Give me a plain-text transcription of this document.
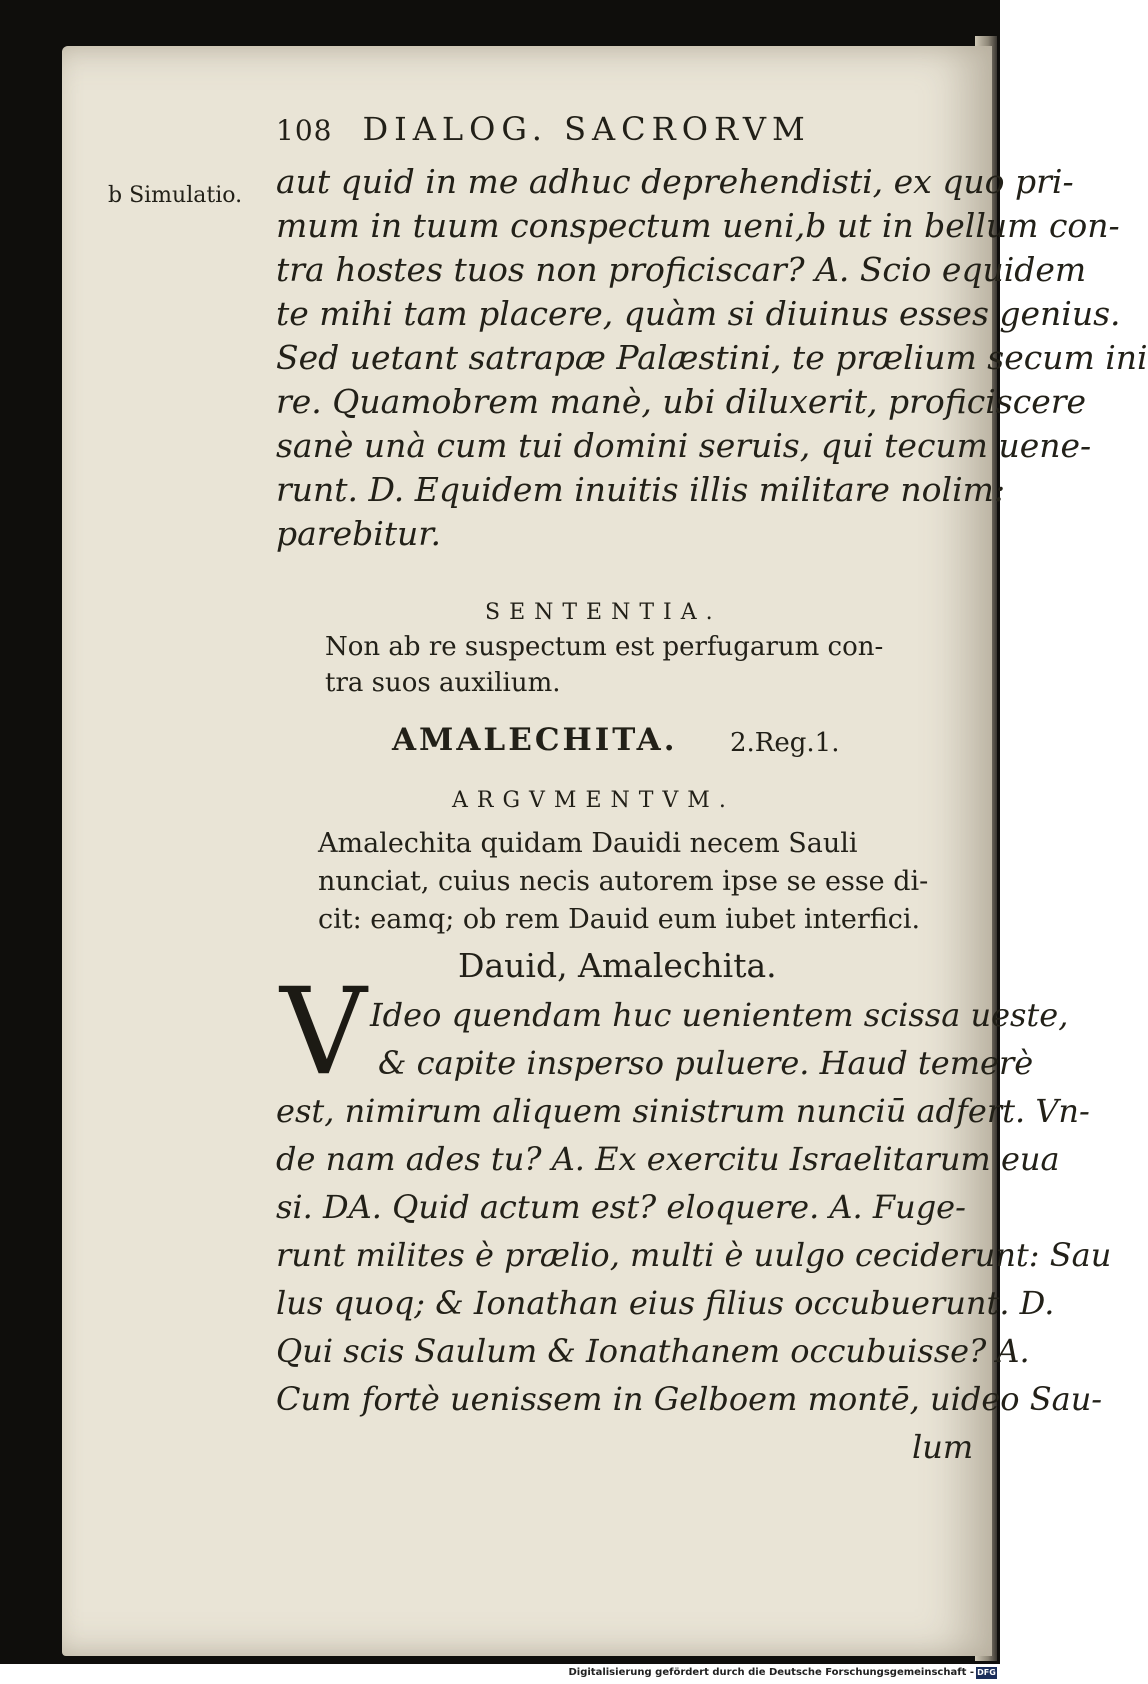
108 DIALOG. SACRORVM
b Simulatio. aut quid in me adhuc deprehendisti, ex quo pri-
mum in tuum conspectum ueni,b ut in bellum con-
tra hostes tuos non proficiscar? A. Scio equidem
te mihi tam placere, quàm si diuinus esses genius.
Sed uetant satrapæ Palæstini, te prælium secum ini
re. Quamobrem manè, ubi diluxerit, proficiscere
sanè unà cum tui domini seruis, qui tecum uene-
runt. D. Equidem inuitis illis militare nolim:
parebitur.
SENTENTIA.
Non ab re suspectum est perfugarum con-
tra suos auxilium.
AMALECHITA. 2.Reg.1.
ARGVMENTVM.
Amalechita quidam Dauidi necem Sauli
nunciat, cuius necis autorem ipse se esse di-
cit: eamq; ob rem Dauid eum iubet interfici.
Dauid, Amalechita.
V Ideo quendam huc uenientem scissa ueste,
& capite insperso puluere. Haud temerè
est, nimirum aliquem sinistrum nunciū adfert. Vn-
de nam ades tu? A. Ex exercitu Israelitarum eua
si. DA. Quid actum est? eloquere. A. Fuge-
runt milites è prælio, multi è uulgo ceciderunt: Sau
lus quoq; & Ionathan eius filius occubuerunt. D.
Qui scis Saulum & Ionathanem occubuisse? A.
Cum fortè uenissem in Gelboem montē, uideo Sau-
lum
Digitalisierung gefördert durch die Deutsche Forschungsgemeinschaft - DFG
